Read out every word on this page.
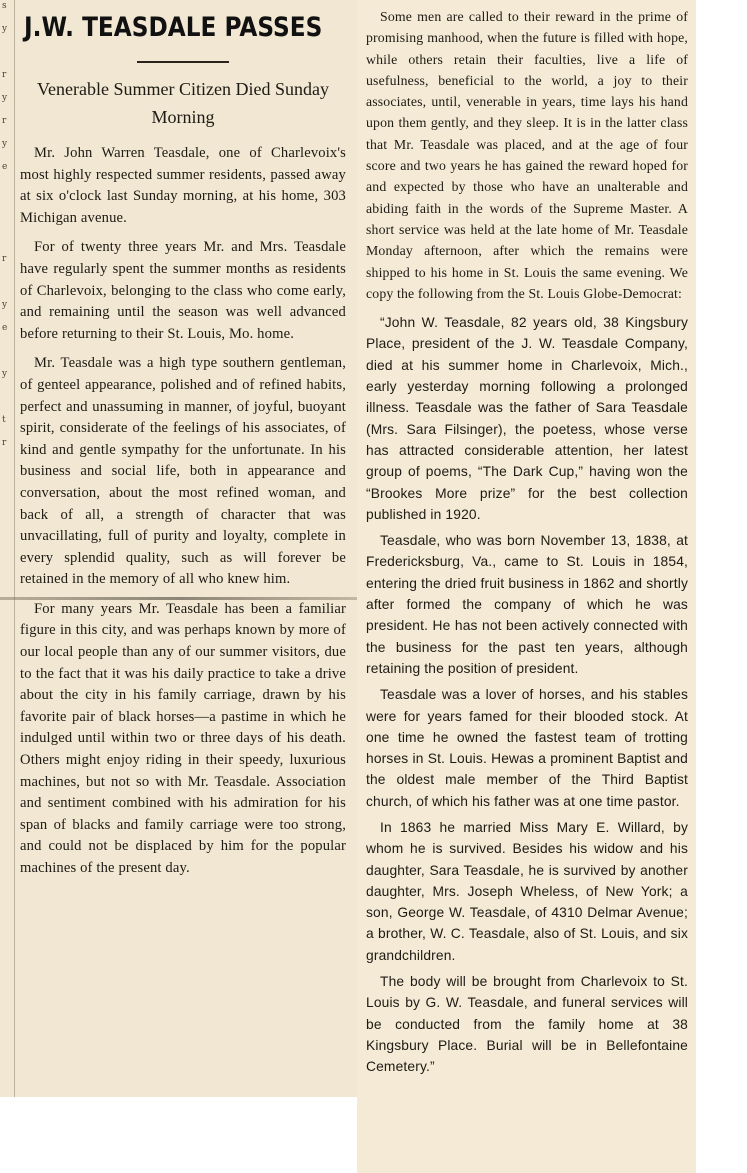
s
y
r
y
r
y
e
r
y
e
y
t
r
J.W. TEASDALE PASSES
Venerable Summer Citizen Died Sunday Morning

Mr. John Warren Teasdale, one of Charlevoix's most highly respected summer residents, passed away at six o'clock last Sunday morning, at his home, 303 Michigan avenue.

For of twenty three years Mr. and Mrs. Teasdale have regularly spent the summer months as residents of Charlevoix, belonging to the class who come early, and remaining until the season was well advanced before returning to their St. Louis, Mo. home.

Mr. Teasdale was a high type southern gentleman, of genteel appearance, polished and of refined habits, perfect and unassuming in manner, of joyful, buoyant spirit, considerate of the feelings of his associates, of kind and gentle sympathy for the unfortunate. In his business and social life, both in appearance and conversation, about the most refined woman, and back of all, a strength of character that was unvacillating, full of purity and loyalty, complete in every splendid quality, such as will forever be retained in the memory of all who knew him.

For many years Mr. Teasdale has been a familiar figure in this city, and was perhaps known by more of our local people than any of our summer visitors, due to the fact that it was his daily practice to take a drive about the city in his family carriage, drawn by his favorite pair of black horses—a pastime in which he indulged until within two or three days of his death. Others might enjoy riding in their speedy, luxurious machines, but not so with Mr. Teasdale. Association and sentiment combined with his admiration for his span of blacks and family carriage were too strong, and could not be displaced by him for the popular machines of the present day.

Some men are called to their reward in the prime of promising manhood, when the future is filled with hope, while others retain their faculties, live a life of usefulness, beneficial to the world, a joy to their associates, until, venerable in years, time lays his hand upon them gently, and they sleep. It is in the latter class that Mr. Teasdale was placed, and at the age of four score and two years he has gained the reward hoped for and expected by those who have an unalterable and abiding faith in the words of the Supreme Master. A short service was held at the late home of Mr. Teasdale Monday afternoon, after which the remains were shipped to his home in St. Louis the same evening. We copy the following from the St. Louis Globe-Democrat:

“John W. Teasdale, 82 years old, 38 Kingsbury Place, president of the J. W. Teasdale Company, died at his summer home in Charlevoix, Mich., early yesterday morning following a prolonged illness. Teasdale was the father of Sara Teasdale (Mrs. Sara Filsinger), the poetess, whose verse has attracted considerable attention, her latest group of poems, “The Dark Cup,” having won the “Brookes More prize” for the best collection published in 1920.

Teasdale, who was born November 13, 1838, at Fredericksburg, Va., came to St. Louis in 1854, entering the dried fruit business in 1862 and shortly after formed the company of which he was president. He has not been actively connected with the business for the past ten years, although retaining the position of president.

Teasdale was a lover of horses, and his stables were for years famed for their blooded stock. At one time he owned the fastest team of trotting horses in St. Louis. Hewas a prominent Baptist and the oldest male member of the Third Baptist church, of which his father was at one time pastor.

In 1863 he married Miss Mary E. Willard, by whom he is survived. Besides his widow and his daughter, Sara Teasdale, he is survived by another daughter, Mrs. Joseph Wheless, of New York; a son, George W. Teasdale, of 4310 Delmar Avenue; a brother, W. C. Teasdale, also of St. Louis, and six grandchildren.

The body will be brought from Charlevoix to St. Louis by G. W. Teasdale, and funeral services will be conducted from the family home at 38 Kingsbury Place. Burial will be in Bellefontaine Cemetery.”
